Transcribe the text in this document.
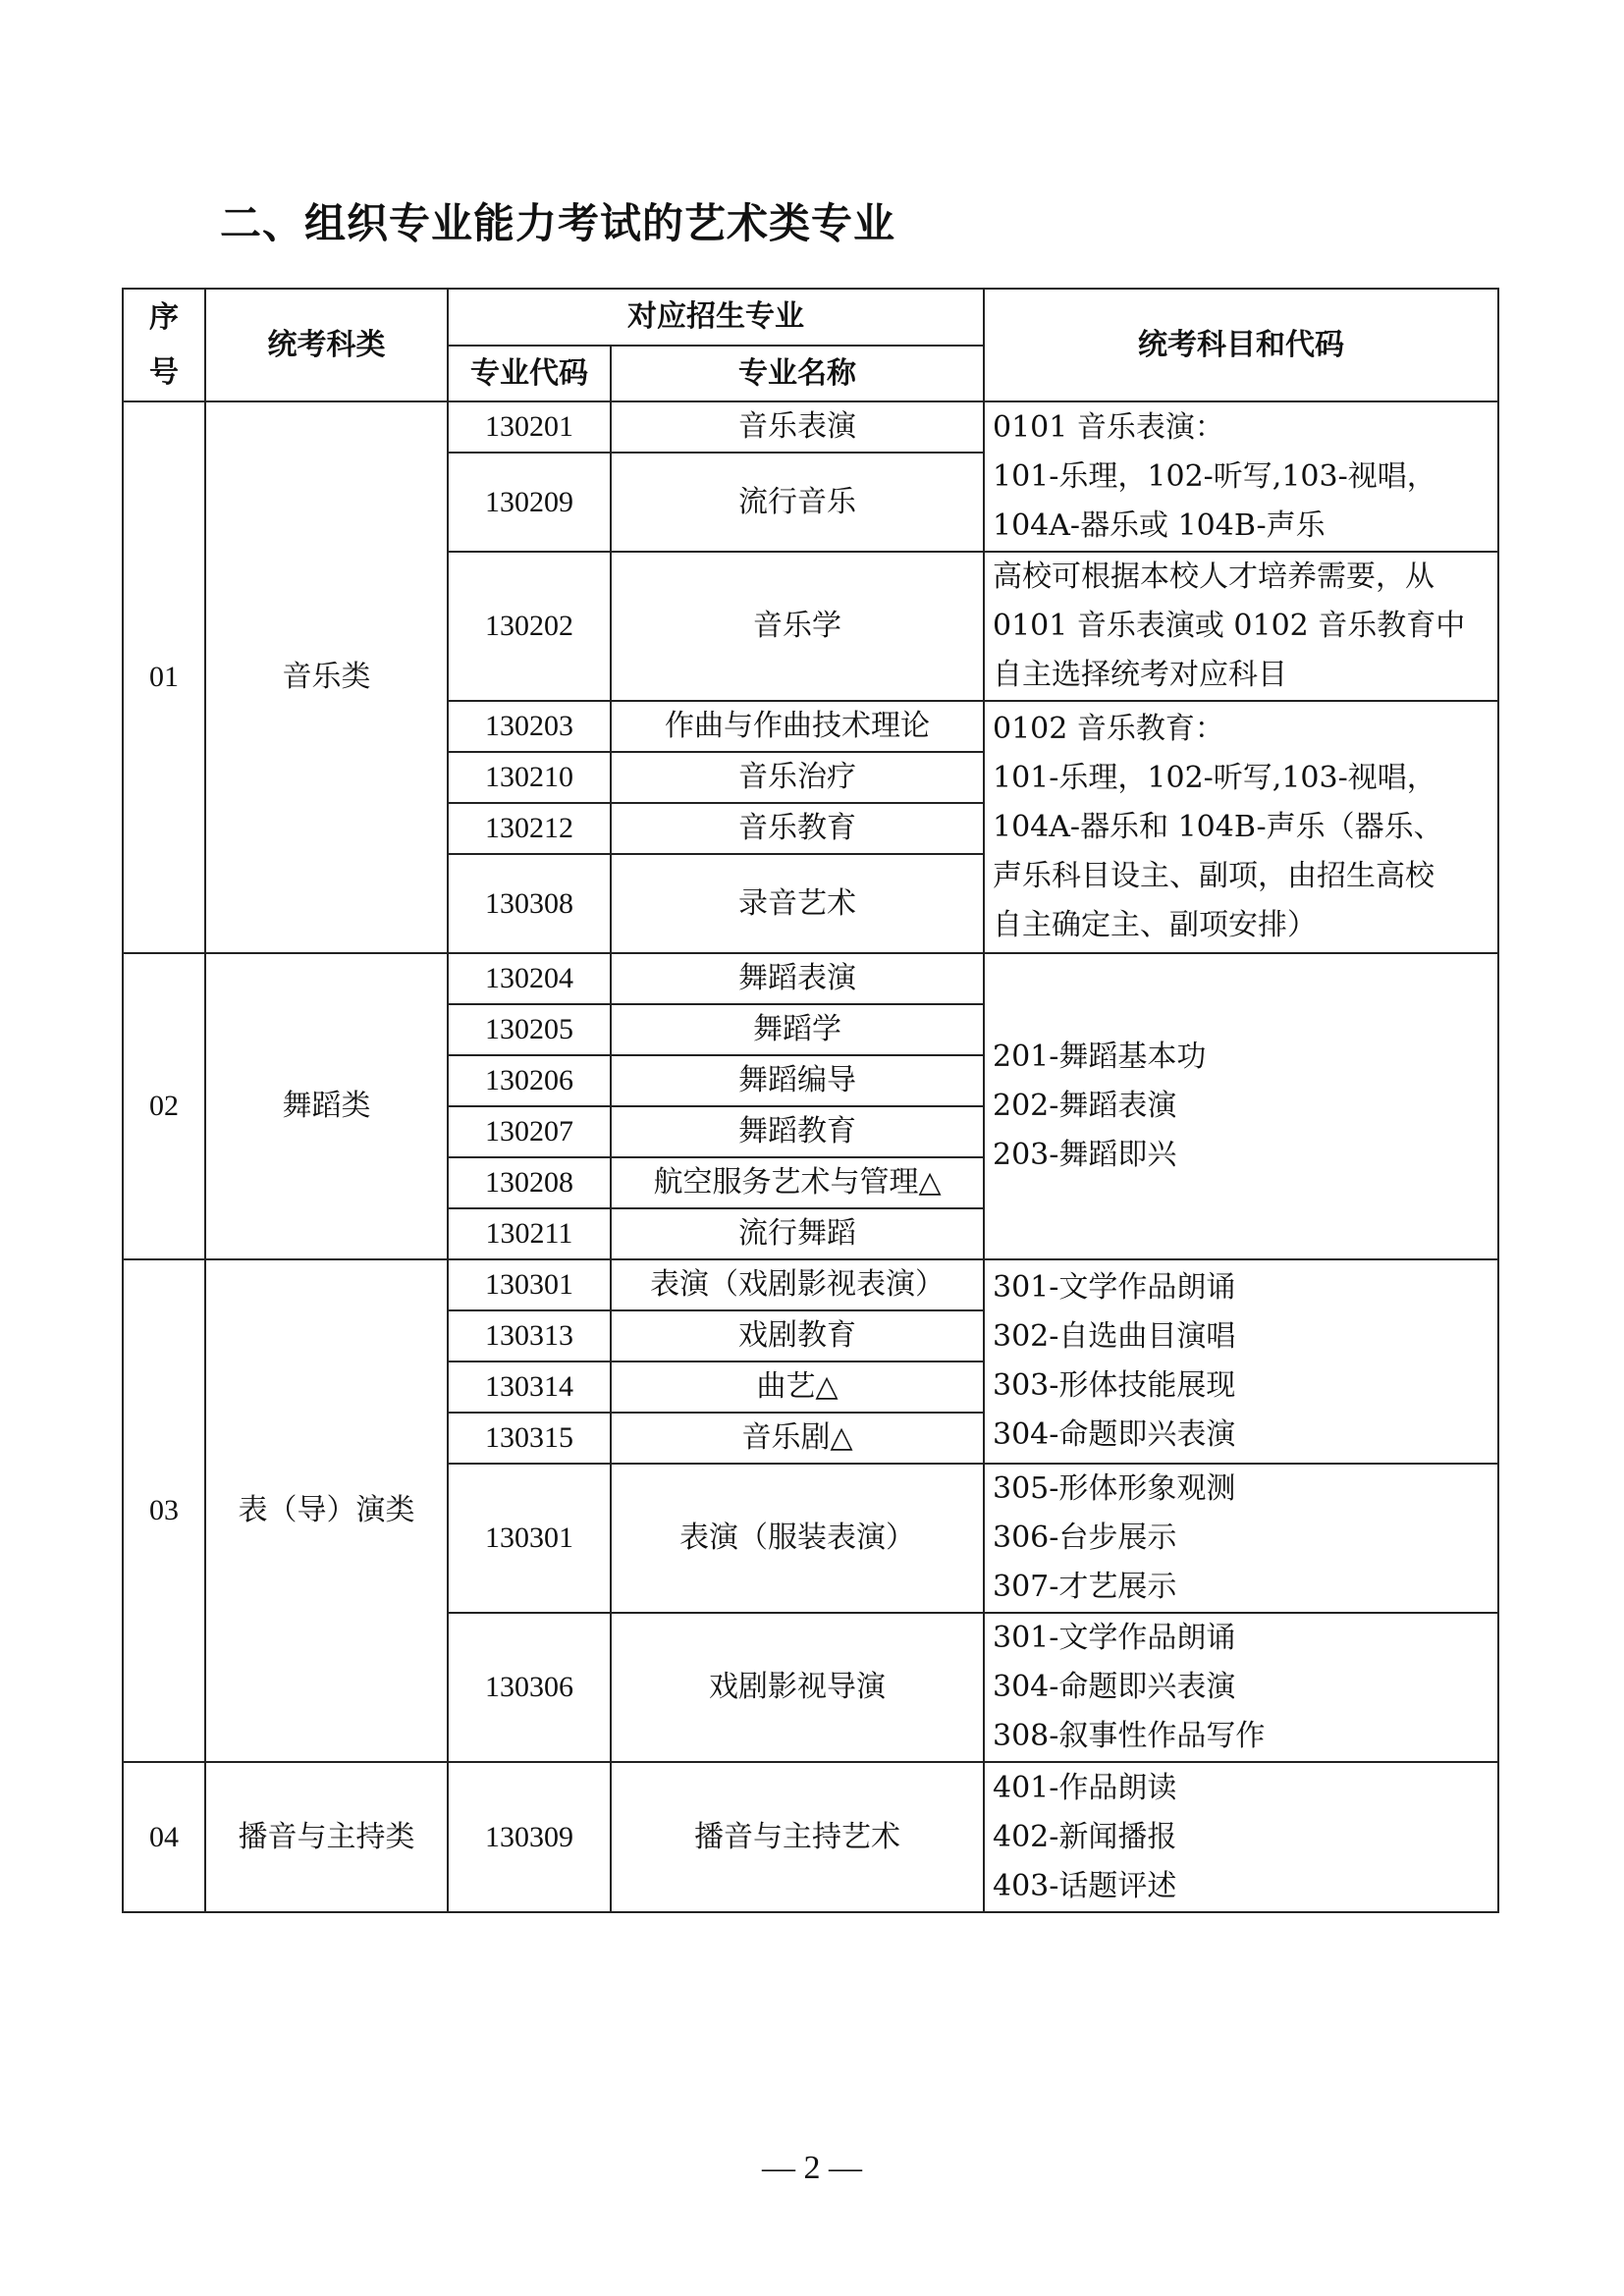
二、组织专业能力考试的艺术类专业
序号	统考科类	对应招生专业		统考科目和代码
		专业代码	专业名称	
01	音乐类	130201	音乐表演	0101 音乐表演：
101-乐理，102-听写,103-视唱，
104A-器乐或 104B-声乐

		130209	流行音乐	
		130202	音乐学	高校可根据本校人才培养需要，从
0101 音乐表演或 0102 音乐教育中
自主选择统考对应科目

		130203	作曲与作曲技术理论	0102 音乐教育：
101-乐理，102-听写,103-视唱，
104A-器乐和 104B-声乐（器乐、
声乐科目设主、副项，由招生高校
自主确定主、副项安排）

		130210	音乐治疗	
		130212	音乐教育	
		130308	录音艺术	
02	舞蹈类	130204	舞蹈表演	201-舞蹈基本功
202-舞蹈表演
203-舞蹈即兴

		130205	舞蹈学	
		130206	舞蹈编导	
		130207	舞蹈教育	
		130208	航空服务艺术与管理△	
		130211	流行舞蹈	
03	表（导）演类	130301	表演（戏剧影视表演）	301-文学作品朗诵
302-自选曲目演唱
303-形体技能展现
304-命题即兴表演

		130313	戏剧教育	
		130314	曲艺△	
		130315	音乐剧△	
		130301	表演（服装表演）	305-形体形象观测
306-台步展示
307-才艺展示

		130306	戏剧影视导演	301-文学作品朗诵
304-命题即兴表演
308-叙事性作品写作

04	播音与主持类	130309	播音与主持艺术	401-作品朗读
402-新闻播报
403-话题评述
— 2 —
